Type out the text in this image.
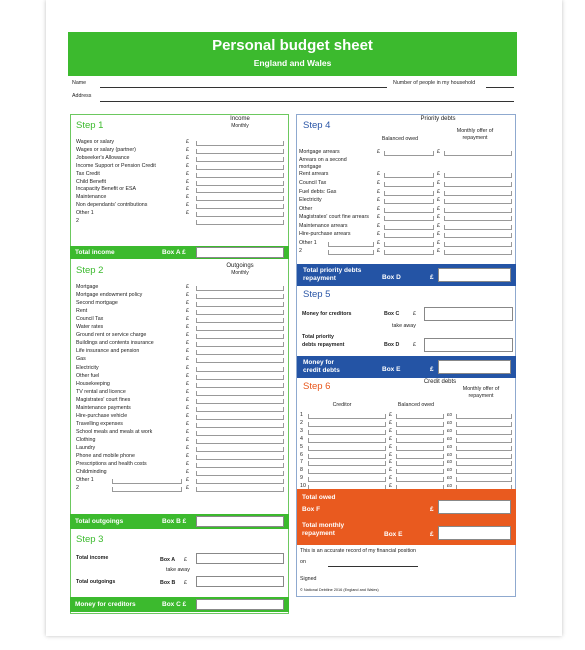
Personal budget sheet
England and Wales
Name	Number of people in my household
Address
Step 1
Income
Monthly
Wages or salary	£
Wages or salary (partner)	£
Jobseeker's Allowance	£
Income Support or Pension Credit	£
Tax Credit	£
Child Benefit	£
Incapacity Benefit or ESA	£
Maintenance	£
Non dependants' contributions	£
Other 1	£
2
Total income	Box A £
Step 2	Outgoings
Monthly
Mortgage	£
Mortgage endowment policy	£
Second mortgage	£
Rent	£
Council Tax	£
Water rates	£
Ground rent or service charge	£
Buildings and contents insurance	£
Life insurance and pension	£
Gas	£
Electricity	£
Other fuel	£
Housekeeping	£
TV rental and licence	£
Magistrates' court fines	£
Maintenance payments	£
Hire-purchase vehicle	£
Travelling expenses	£
School meals and meals at work	£
Clothing	£
Laundry	£
Phone and mobile phone	£
Prescriptions and health costs	£
Childminding	£
Other 1	£
2	£
Total outgoings	Box B £
Step 3
Total income	Box A £
take away
Total outgoings	Box B £
Money for creditors	Box C £
Step 4
Priority debts
Balanced owed
Monthly offer of
repayment
Mortgage arrears	£	£
Arrears on a second
mortgage
Rent arrears	£	£
Council Tax	£	£
Fuel debts: Gas	£	£
Electricity	£	£
Other	£	£
Magistrates' court fine arrears £	£
Maintenance arrears	£	£
Hire-purchase arrears	£	£
Other 1	£	£
2	£	£
Total priority debts
repayment	Box D	£
Step 5
Money for creditors	Box C	£
take away
Total priority
debts repayment	Box D	£
Money for
credit debts	Box E	£
Step 6	Credit debts
Creditor	Balanced owed
Monthly offer of
repayment
1	£	£0
2	£	£0
3	£	£0
4	£	£0
5	£	£0
6	£	£0
7	£	£0
8	£	£0
9	£	£0
10	£	£0
Total owed
Box F	£
Total monthly
repayment	Box E	£
This is an accurate record of my financial position
on
Signed
© National Debtline 2016 (England and Wales)
